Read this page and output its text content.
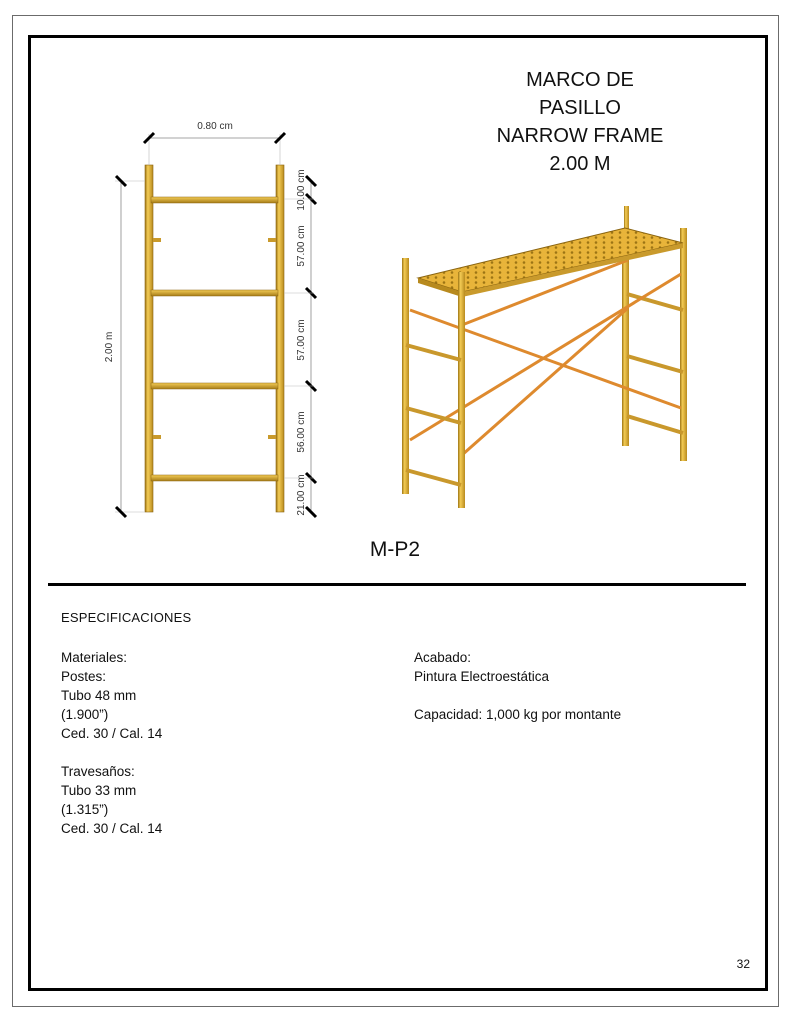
MARCO DE
PASILLO
NARROW FRAME
2.00 M
0.80 cm
2.00 m
10.00 cm
57.00 cm
57.00 cm
56.00 cm
21.00 cm
M-P2
ESPECIFICACIONES
Materiales:
Postes:
Tubo 48 mm
(1.900”)
Ced. 30 / Cal. 14
Travesaños:
Tubo 33 mm
(1.315”)
Ced. 30 / Cal. 14
Acabado:
Pintura Electroestática
Capacidad: 1,000 kg por montante
32
